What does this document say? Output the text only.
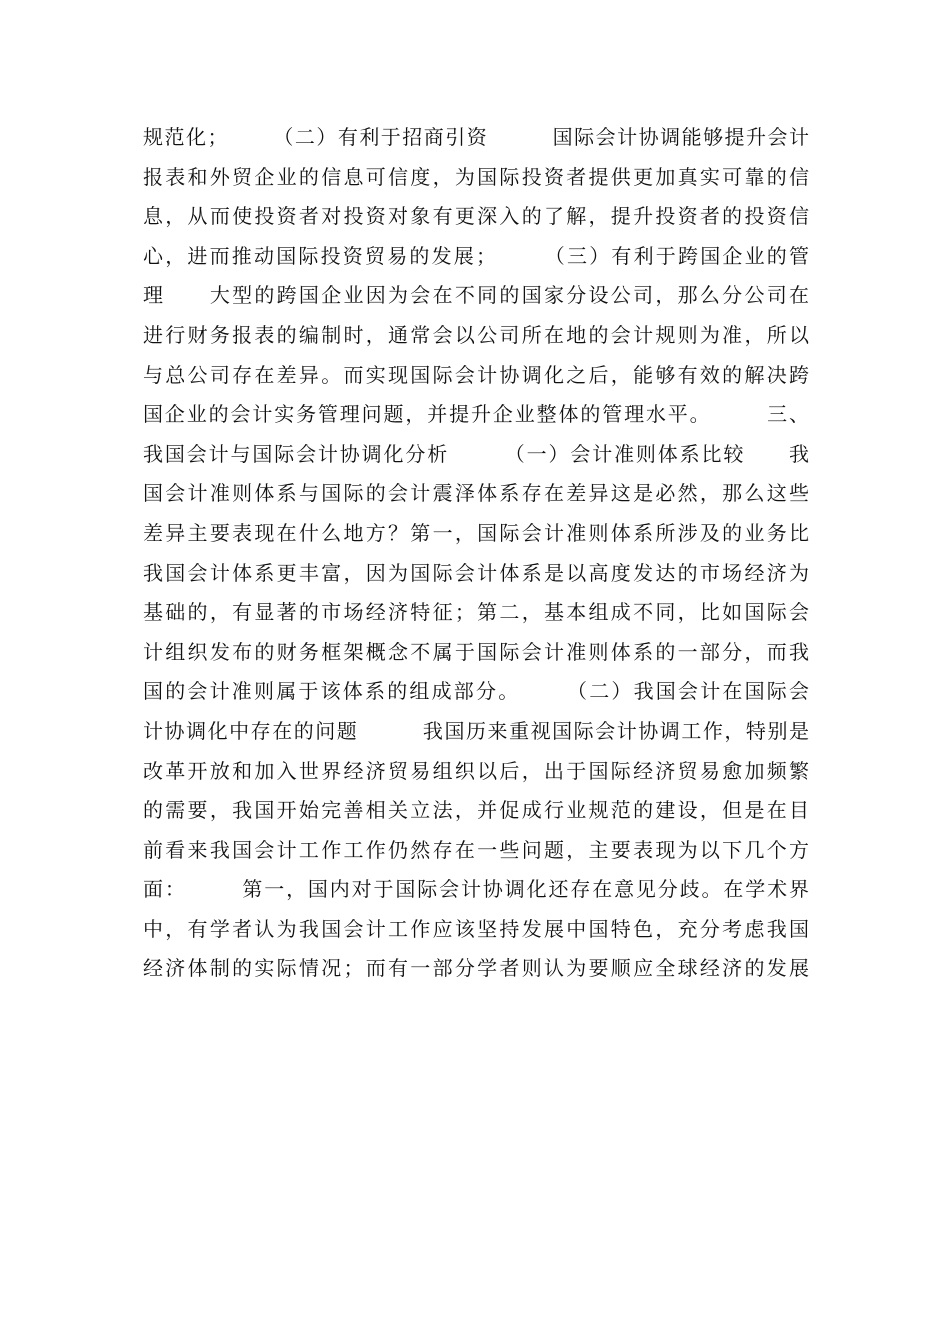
规范化；　　　（二）有利于招商引资　　　国际会计协调能够提升会计

报表和外贸企业的信息可信度，为国际投资者提供更加真实可靠的信

息，从而使投资者对投资对象有更深入的了解，提升投资者的投资信

心，进而推动国际投资贸易的发展；　　　（三）有利于跨国企业的管

理　　大型的跨国企业因为会在不同的国家分设公司，那么分公司在

进行财务报表的编制时，通常会以公司所在地的会计规则为准，所以

与总公司存在差异。而实现国际会计协调化之后，能够有效的解决跨

国企业的会计实务管理问题，并提升企业整体的管理水平。　　　三、

我国会计与国际会计协调化分析　　　（一）会计准则体系比较　　我

国会计准则体系与国际的会计震泽体系存在差异这是必然，那么这些

差异主要表现在什么地方？第一，国际会计准则体系所涉及的业务比

我国会计体系更丰富，因为国际会计体系是以高度发达的市场经济为

基础的，有显著的市场经济特征；第二，基本组成不同，比如国际会

计组织发布的财务框架概念不属于国际会计准则体系的一部分，而我

国的会计准则属于该体系的组成部分。　　　（二）我国会计在国际会

计协调化中存在的问题　　　我国历来重视国际会计协调工作，特别是

改革开放和加入世界经济贸易组织以后，出于国际经济贸易愈加频繁

的需要，我国开始完善相关立法，并促成行业规范的建设，但是在目

前看来我国会计工作工作仍然存在一些问题，主要表现为以下几个方

面：　　　第一，国内对于国际会计协调化还存在意见分歧。在学术界

中，有学者认为我国会计工作应该坚持发展中国特色，充分考虑我国

经济体制的实际情况；而有一部分学者则认为要顺应全球经济的发展
